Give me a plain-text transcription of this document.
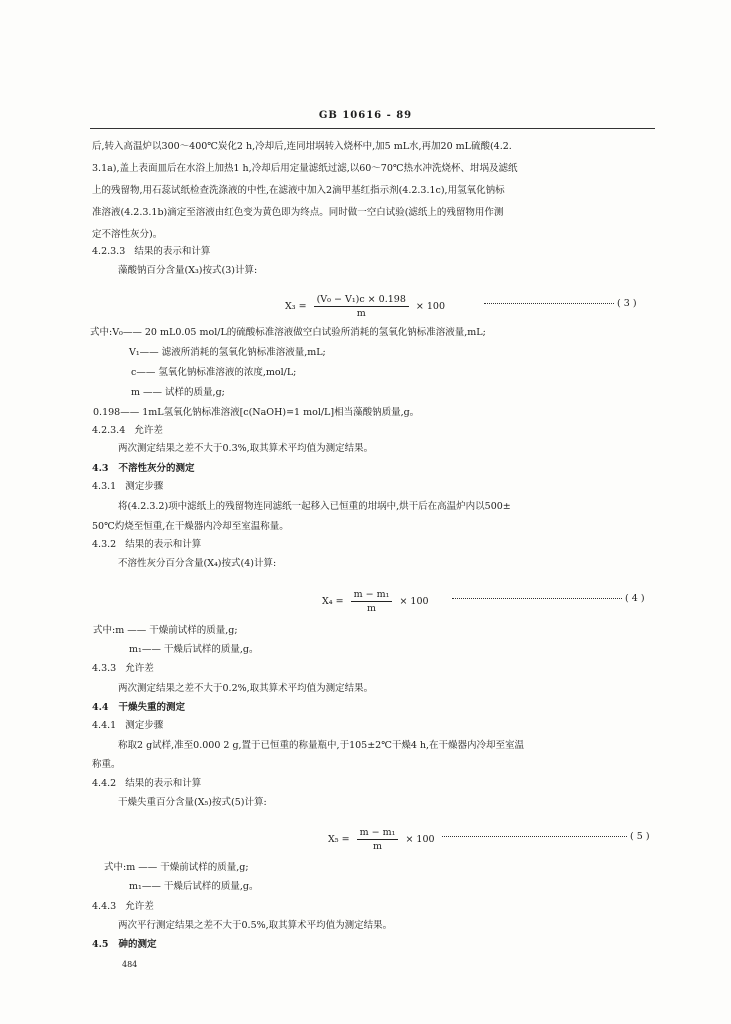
GB 10616 - 89
后,转入高温炉以300～400℃炭化2 h,冷却后,连同坩埚转入烧杯中,加5 mL水,再加20 mL硫酸(4.2.
3.1a),盖上表面皿后在水浴上加热1 h,冷却后用定量滤纸过滤,以60～70℃热水冲洗烧杯、坩埚及滤纸
上的残留物,用石蕊试纸检查洗涤液的中性,在滤液中加入2滴甲基红指示剂(4.2.3.1c),用氢氧化钠标
准溶液(4.2.3.1b)滴定至溶液由红色变为黄色即为终点。同时做一空白试验(滤纸上的残留物用作测
定不溶性灰分)。
4.2.3.3 结果的表示和计算
藻酸钠百分含量(X₃)按式(3)计算:
$X_3 = \frac{\text{(V₀ − V₁)c × 0.198}}{m} \times 100$	( 3 )
式中:V₀—— 20 mL0.05 mol/L的硫酸标准溶液做空白试验所消耗的氢氧化钠标准溶液量,mL;
V₁—— 滤液所消耗的氢氧化钠标准溶液量,mL;
c—— 氢氧化钠标准溶液的浓度,mol/L;
m —— 试样的质量,g;
0.198—— 1mL氢氧化钠标准溶液[c(NaOH)=1 mol/L]相当藻酸钠质量,g。
4.2.3.4 允许差
两次测定结果之差不大于0.3%,取其算术平均值为测定结果。
4.3 不溶性灰分的测定
4.3.1 测定步骤
将(4.2.3.2)项中滤纸上的残留物连同滤纸一起移入已恒重的坩埚中,烘干后在高温炉内以500±
50℃灼烧至恒重,在干燥器内冷却至室温称量。
4.3.2 结果的表示和计算
不溶性灰分百分含量(X₄)按式(4)计算:
$X_4 = \frac{\text{m − m₁}}{m} \times 100$	( 4 )
式中:m —— 干燥前试样的质量,g;
m₁—— 干燥后试样的质量,g。
4.3.3 允许差
两次测定结果之差不大于0.2%,取其算术平均值为测定结果。
4.4 干燥失重的测定
4.4.1 测定步骤
称取2 g试样,准至0.000 2 g,置于已恒重的称量瓶中,于105±2℃干燥4 h,在干燥器内冷却至室温
称重。
4.4.2 结果的表示和计算
干燥失重百分含量(X₅)按式(5)计算:
$X_5 = \frac{\text{m − m₁}}{m} \times 100$	( 5 )
式中:m —— 干燥前试样的质量,g;
m₁—— 干燥后试样的质量,g。
4.4.3 允许差
两次平行测定结果之差不大于0.5%,取其算术平均值为测定结果。
4.5 砷的测定
484
